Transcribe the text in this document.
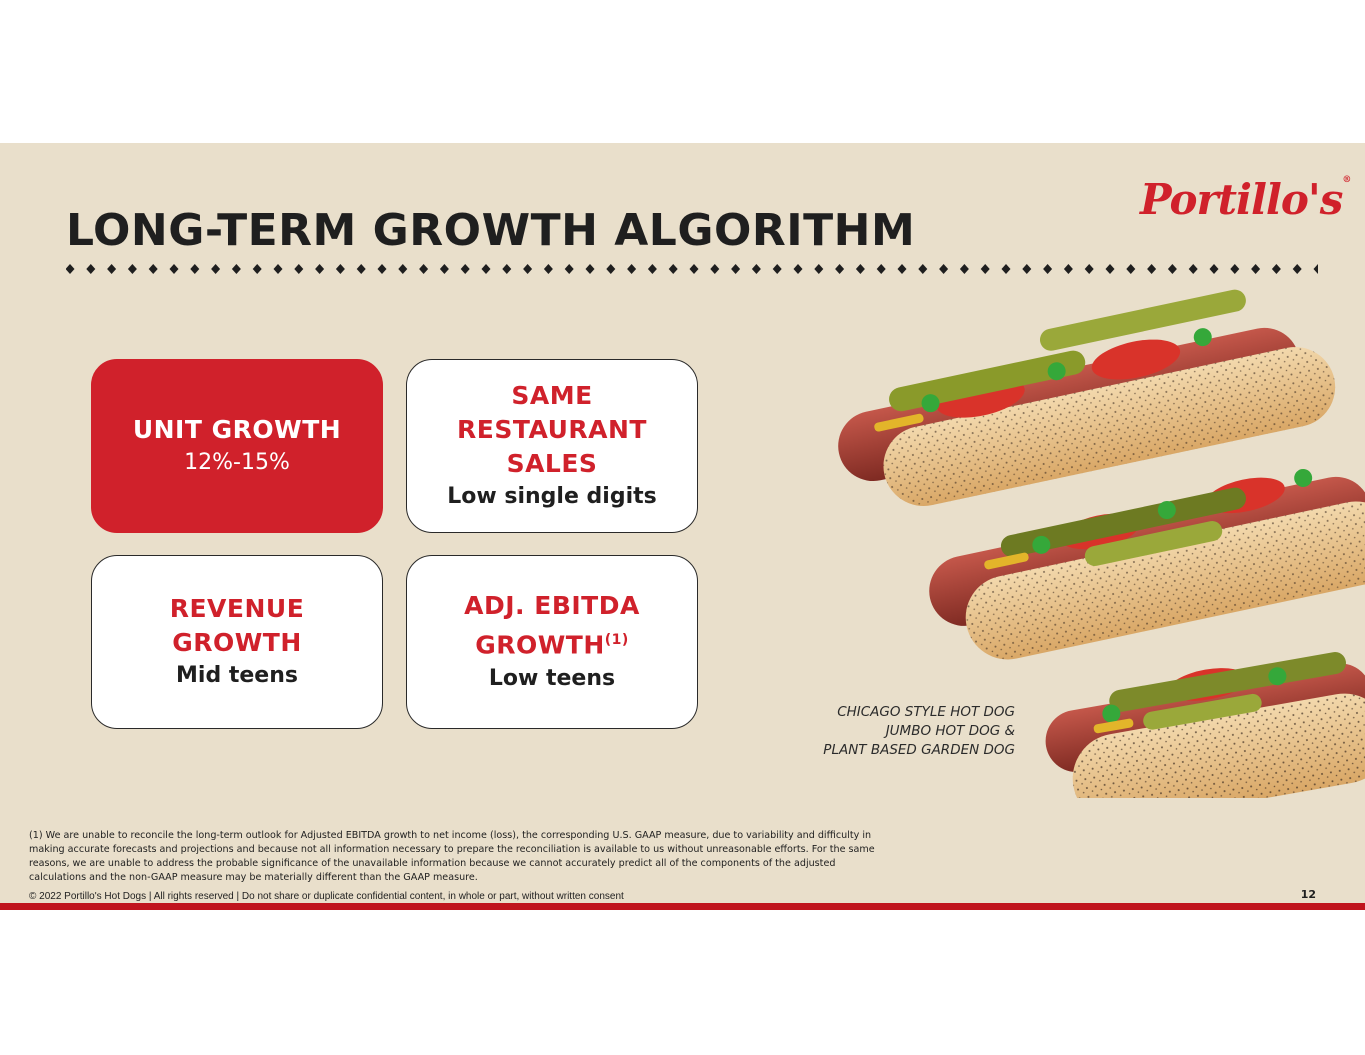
LONG-TERM GROWTH ALGORITHM
Portillo's®
UNIT GROWTH
12%-15%
SAME RESTAURANT SALES
Low single digits
REVENUE GROWTH
Mid teens
ADJ. EBITDA GROWTH$^{(1)}$
Low teens
CHICAGO STYLE HOT DOG
JUMBO HOT DOG &
PLANT BASED GARDEN DOG
(1) We are unable to reconcile the long-term outlook for Adjusted EBITDA growth to net income (loss), the corresponding U.S. GAAP measure, due to variability and difficulty in making accurate forecasts and projections and because not all information necessary to prepare the reconciliation is available to us without unreasonable efforts. For the same reasons, we are unable to address the probable significance of the unavailable information because we cannot accurately predict all of the components of the adjusted calculations and the non-GAAP measure may be materially different than the GAAP measure.
© 2022 Portillo's Hot Dogs | All rights reserved | Do not share or duplicate confidential content, in whole or part, without written consent	12
